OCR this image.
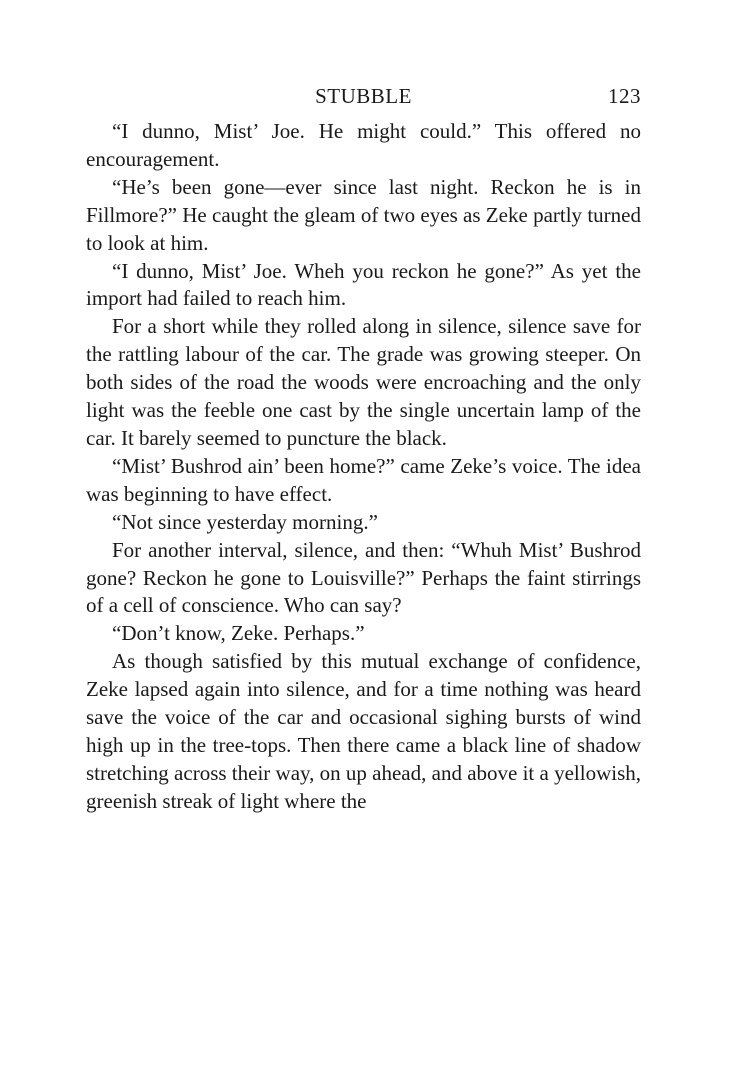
STUBBLE	123

“I dunno, Mist’ Joe. He might could.” This offered no encouragement.

“He’s been gone—ever since last night. Reckon he is in Fillmore?” He caught the gleam of two eyes as Zeke partly turned to look at him.

“I dunno, Mist’ Joe. Wheh you reckon he gone?” As yet the import had failed to reach him.

For a short while they rolled along in silence, silence save for the rattling labour of the car. The grade was growing steeper. On both sides of the road the woods were encroaching and the only light was the feeble one cast by the single uncertain lamp of the car. It barely seemed to puncture the black.

“Mist’ Bushrod ain’ been home?” came Zeke’s voice. The idea was beginning to have effect.

“Not since yesterday morning.”

For another interval, silence, and then: “Whuh Mist’ Bushrod gone? Reckon he gone to Louisville?” Perhaps the faint stirrings of a cell of conscience. Who can say?

“Don’t know, Zeke. Perhaps.”

As though satisfied by this mutual exchange of confidence, Zeke lapsed again into silence, and for a time nothing was heard save the voice of the car and occasional sighing bursts of wind high up in the tree-tops. Then there came a black line of shadow stretching across their way, on up ahead, and above it a yellowish, greenish streak of light where the
